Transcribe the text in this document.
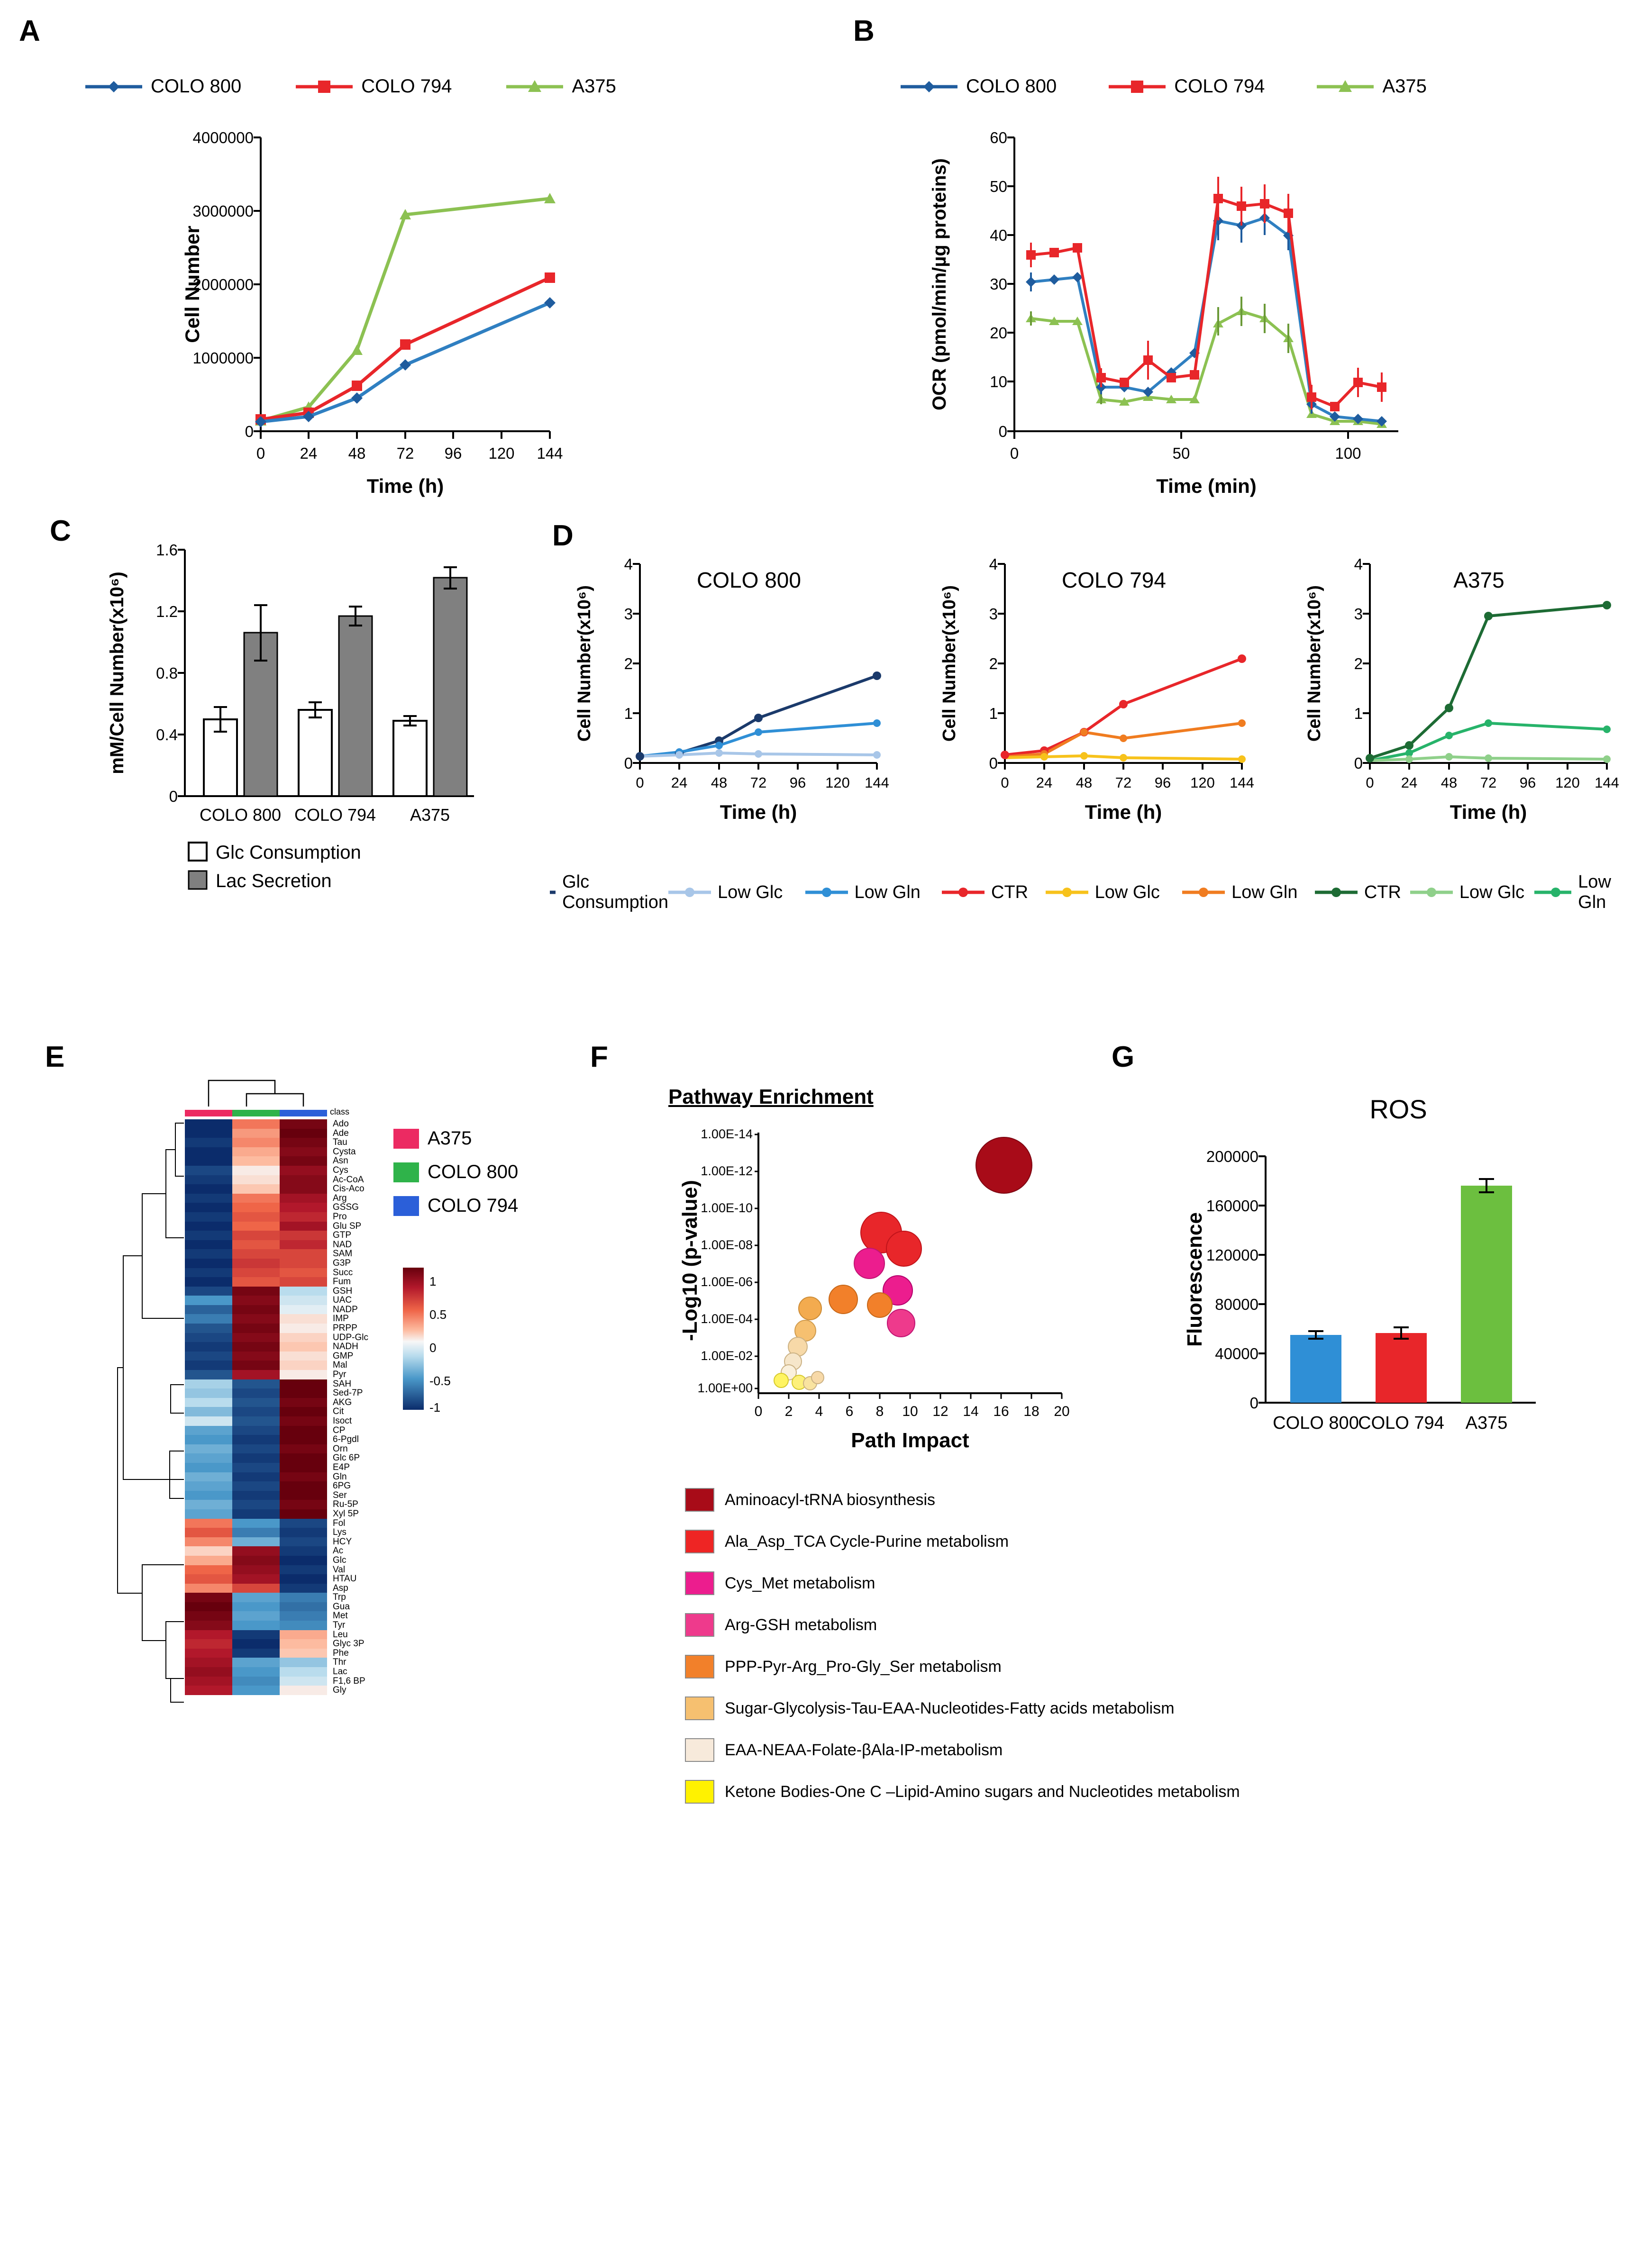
A	B
C	D
E	F	G
COLO 800	COLO 794	A375
4000000
3000000
2000000
1000000
0
0 24 48 72 96 120 144
Time (h)
Cell Number
COLO 800	COLO 794	A375
60
50
40
30
20
10
0
0	50	100
Time (min)
OCR (pmol/min/µg proteins)
1.6
1.2
0.8
0.4
0
mM/Cell Number(x10⁶)
COLO 800 COLO 794 A375
Glc Consumption
Lac Secretion
COLO 800
4
3
2
1
0
0 24 48 72 96 120 144
Time (h)
Cell Number(x10⁶)
COLO 794
4
3
2
1
0
0 24 48 72 96 120 144
Time (h)
Cell Number(x10⁶)
A375
4
3
2
1
0
0 24 48 72 96 120 144
Time (h)
Cell Number(x10⁶)
Glc Consumption
Low Glc	Low Gln	CTR	Low Glc	Low Gln	CTR	Low Glc
Low Gln
class
Ado
Ade
Tau
Cysta
Asn
Cys
Ac-CoA
Cis-Aco
Arg
GSSG
Pro
Glu SP
GTP
NAD
SAM
G3P
Succ
Fum
GSH
UAC
NADP
IMP
PRPP
UDP-Glc
NADH
GMP
Mal
Pyr
SAH
Sed-7P
AKG
Cit
Isoct
CP
6-Pgdl
Orn
Glc 6P
E4P
Gln
6PG
Ser
Ru-5P
Xyl 5P
Fol
Lys
HCY
Ac
Glc
Val
HTAU
Asp
Trp
Gua
Met
Tyr
Leu
Glyc 3P
Phe
Thr
Lac
F1,6 BP
Gly
A375
COLO 800
COLO 794
1
0.5
0
-0.5
-1
Pathway Enrichment
1.00E-14
1.00E-12
1.00E-10
1.00E-08
1.00E-06
1.00E-04
1.00E-02
1.00E+00
0 2 4 6 8 10 12 14 16 18 20
Path Impact
-Log10 (p-value)
Aminoacyl-tRNA biosynthesis
Ala_Asp_TCA Cycle-Purine metabolism
Cys_Met metabolism
Arg-GSH metabolism
PPP-Pyr-Arg_Pro-Gly_Ser metabolism
Sugar-Glycolysis-Tau-EAA-Nucleotides-Fatty acids metabolism
EAA-NEAA-Folate-βAla-IP-metabolism
Ketone Bodies-One C –Lipid-Amino sugars and Nucleotides metabolism
ROS
200000
160000
120000
80000
40000
0
Fluorescence
COLO 800
COLO 794 A375
